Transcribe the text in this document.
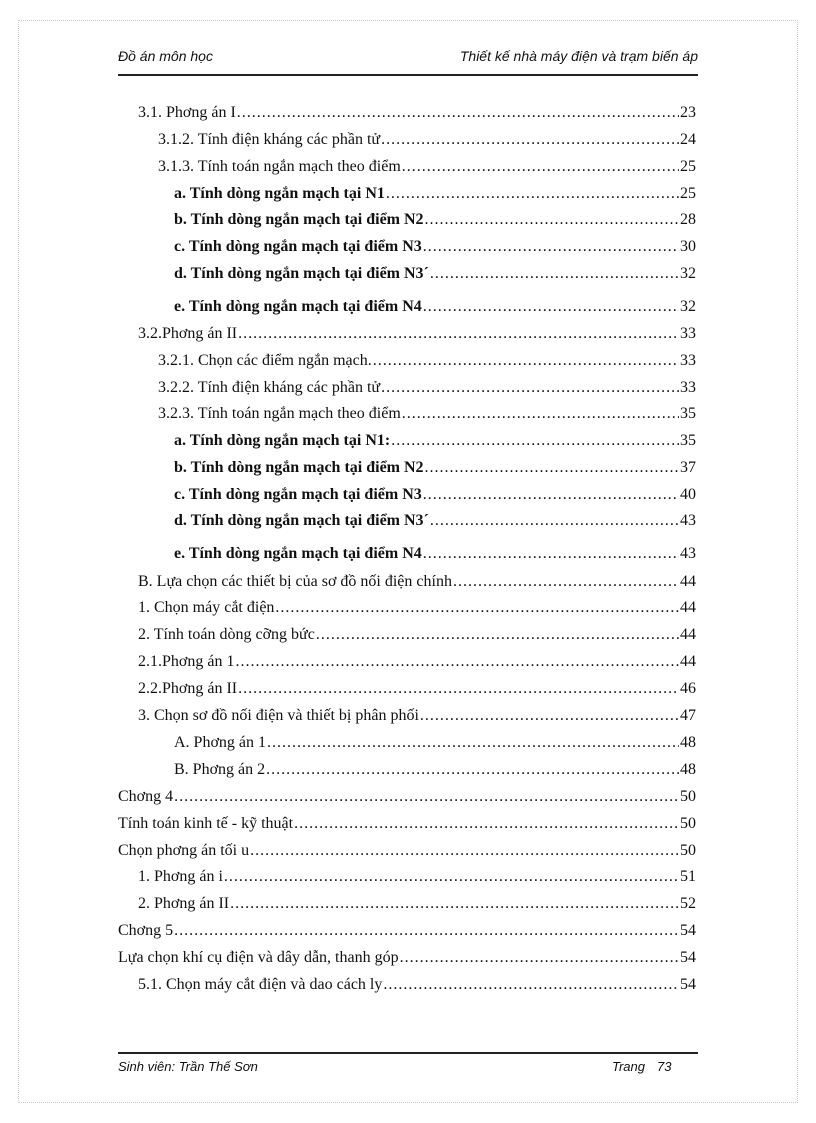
Đồ án môn học	Thiết kế nhà máy điện và trạm biến áp
3.1. Phơng án I .....	23
3.1.2. Tính điện kháng các phần tử .....	24
3.1.3. Tính toán ngắn mạch theo điểm .....	25
a. Tính dòng ngắn mạch tại N1 .....	25
b. Tính dòng ngắn mạch tại điểm N2 .....	28
c. Tính dòng ngắn mạch tại điểm N3 .....	30
d. Tính dòng ngắn mạch tại điểm N3ˊ .....	32
e. Tính dòng ngắn mạch tại điểm N4 .....	32
3.2.Phơng án II .....	33
3.2.1. Chọn các điểm ngắn mạch. .....	33
3.2.2. Tính điện kháng các phần tử .....	33
3.2.3. Tính toán ngắn mạch theo điểm .....	35
a. Tính dòng ngắn mạch tại N1: .....	35
b. Tính dòng ngắn mạch tại điểm N2 .....	37
c. Tính dòng ngắn mạch tại điểm N3 .....	40
d. Tính dòng ngắn mạch tại điểm N3ˊ .....	43
e. Tính dòng ngắn mạch tại điểm N4 .....	43
B. Lựa chọn các thiết bị của sơ đồ nối điện chính .....	44
1. Chọn máy cắt điện .....	44
2. Tính toán dòng cỡng bức .....	44
2.1.Phơng án 1 .....	44
2.2.Phơng án II .....	46
3. Chọn sơ đồ nối điện và thiết bị phân phối .....	47
A. Phơng án 1 .....	48
B. Phơng án 2 .....	48
Chơng 4 .....	50
Tính toán kinh tế - kỹ thuật .....	50
Chọn phơng án tối u .....	50
1. Phơng án i .....	51
2. Phơng án II .....	52
Chơng 5 .....	54
Lựa chọn khí cụ điện và dây dẫn, thanh góp .....	54
5.1. Chọn máy cắt điện và dao cách ly .....	54
Sinh viên: Trần Thế Sơn	Trang 73
